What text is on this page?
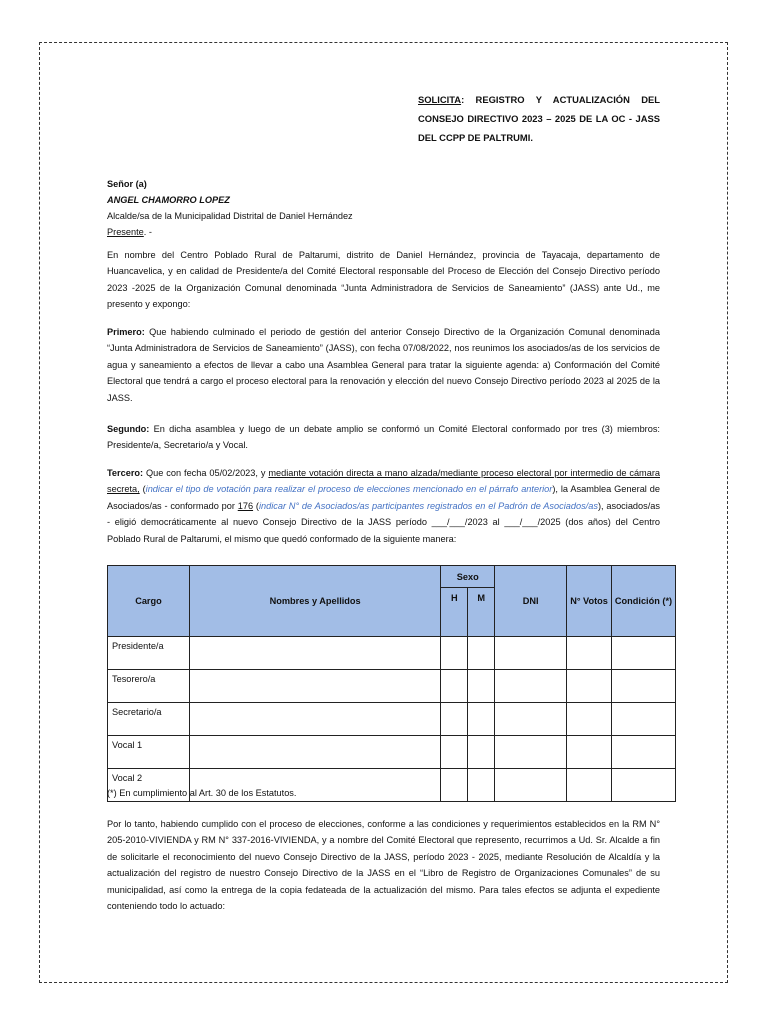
SOLICITA: REGISTRO Y ACTUALIZACIÓN DEL CONSEJO DIRECTIVO 2023 – 2025 DE LA OC - JASS DEL CCPP DE PALTRUMI.
Señor (a)
ANGEL CHAMORRO LOPEZ
Alcalde/sa de la Municipalidad Distrital de Daniel Hernández
Presente. -

En nombre del Centro Poblado Rural de Paltarumi, distrito de Daniel Hernández, provincia de Tayacaja, departamento de Huancavelica, y en calidad de Presidente/a del Comité Electoral responsable del Proceso de Elección del Consejo Directivo período 2023 -2025 de la Organización Comunal denominada “Junta Administradora de Servicios de Saneamiento” (JASS) ante Ud., me presento y expongo:

Primero: Que habiendo culminado el periodo de gestión del anterior Consejo Directivo de la Organización Comunal denominada “Junta Administradora de Servicios de Saneamiento” (JASS), con fecha 07/08/2022, nos reunimos los asociados/as de los servicios de agua y saneamiento a efectos de llevar a cabo una Asamblea General para tratar la siguiente agenda: a) Conformación del Comité Electoral que tendrá a cargo el proceso electoral para la renovación y elección del nuevo Consejo Directivo período 2023 al 2025 de la JASS.

Segundo: En dicha asamblea y luego de un debate amplio se conformó un Comité Electoral conformado por tres (3) miembros: Presidente/a, Secretario/a y Vocal.

Tercero: Que con fecha 05/02/2023, y mediante votación directa a mano alzada/mediante proceso electoral por intermedio de cámara secreta, (indicar el tipo de votación para realizar el proceso de elecciones mencionado en el párrafo anterior), la Asamblea General de Asociados/as - conformado por 176 (indicar N° de Asociados/as participantes registrados en el Padrón de Asociados/as), asociados/as - eligió democráticamente al nuevo Consejo Directivo de la JASS período ___/___/2023 al ___/___/2025 (dos años) del Centro Poblado Rural de Paltarumi, el mismo que quedó conformado de la siguiente manera:

Cargo	Nombres y Apellidos	Sexo		DNI	N° Votos	Condición (*)
		H	M			
Presidente/a						
Tesorero/a						
Secretario/a						
Vocal 1						
Vocal 2						
(*) En cumplimiento al Art. 30 de los Estatutos.

Por lo tanto, habiendo cumplido con el proceso de elecciones, conforme a las condiciones y requerimientos establecidos en la RM N° 205-2010-VIVIENDA y RM N° 337-2016-VIVIENDA, y a nombre del Comité Electoral que represento, recurrimos a Ud. Sr. Alcalde a fin de solicitarle el reconocimiento del nuevo Consejo Directivo de la JASS, período 2023 - 2025, mediante Resolución de Alcaldía y la actualización del registro de nuestro Consejo Directivo de la JASS en el “Libro de Registro de Organizaciones Comunales” de su municipalidad, así como la entrega de la copia fedateada de la actualización del mismo. Para tales efectos se adjunta el expediente conteniendo todo lo actuado:
